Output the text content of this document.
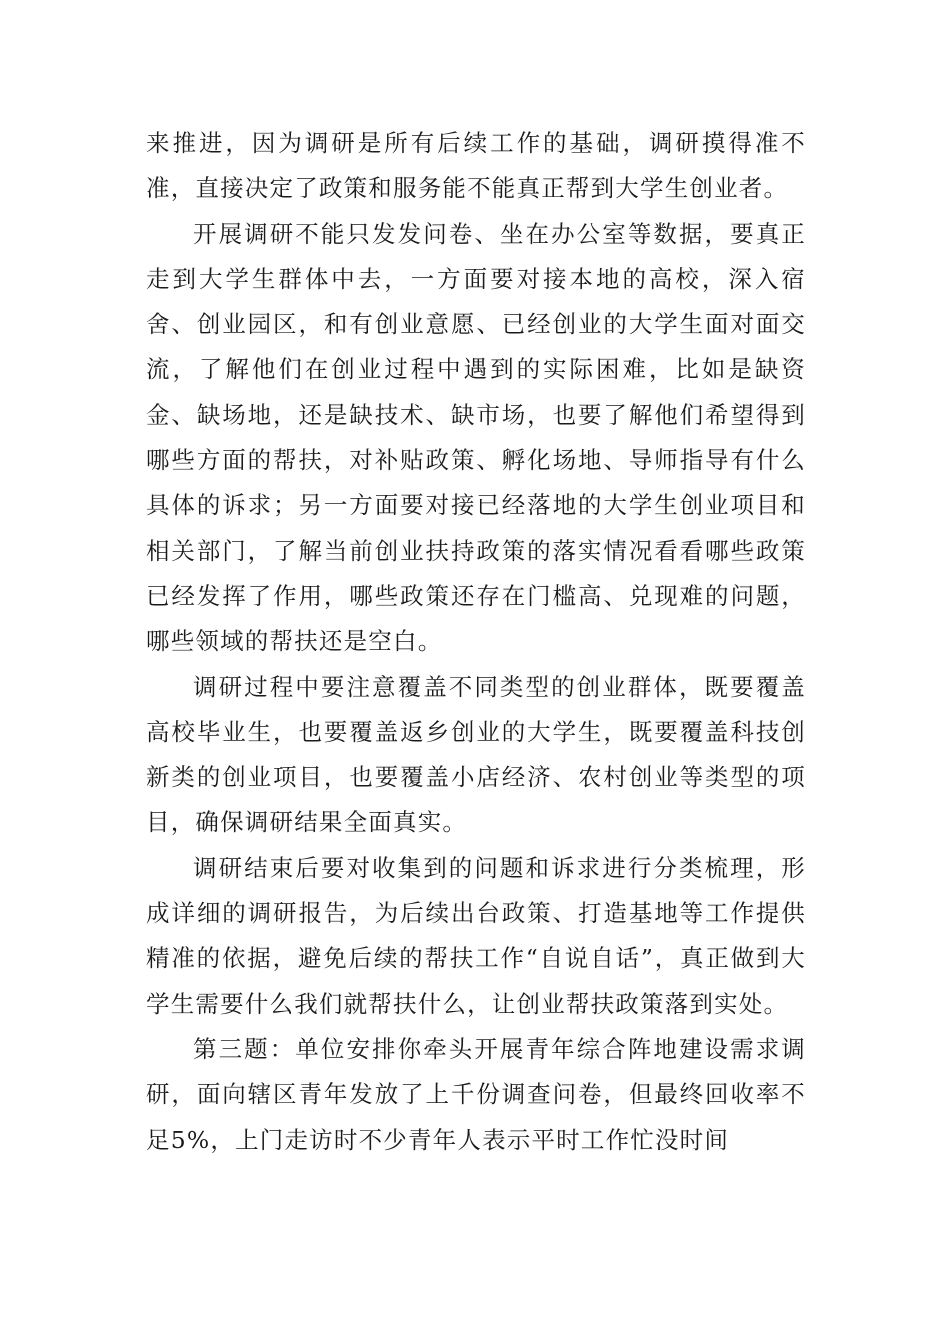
来推进，因为调研是所有后续工作的基础，调研摸得准不准，直接决定了政策和服务能不能真正帮到大学生创业者。

开展调研不能只发发问卷、坐在办公室等数据，要真正走到大学生群体中去，一方面要对接本地的高校，深入宿舍、创业园区，和有创业意愿、已经创业的大学生面对面交流，了解他们在创业过程中遇到的实际困难，比如是缺资金、缺场地，还是缺技术、缺市场，也要了解他们希望得到哪些方面的帮扶，对补贴政策、孵化场地、导师指导有什么具体的诉求；另一方面要对接已经落地的大学生创业项目和相关部门，了解当前创业扶持政策的落实情况看看哪些政策已经发挥了作用，哪些政策还存在门槛高、兑现难的问题，哪些领域的帮扶还是空白。

调研过程中要注意覆盖不同类型的创业群体，既要覆盖高校毕业生，也要覆盖返乡创业的大学生，既要覆盖科技创新类的创业项目，也要覆盖小店经济、农村创业等类型的项目，确保调研结果全面真实。

调研结束后要对收集到的问题和诉求进行分类梳理，形成详细的调研报告，为后续出台政策、打造基地等工作提供精准的依据，避免后续的帮扶工作“自说自话”，真正做到大学生需要什么我们就帮扶什么，让创业帮扶政策落到实处。

第三题：单位安排你牵头开展青年综合阵地建设需求调研，面向辖区青年发放了上千份调查问卷，但最终回收率不足5%，上门走访时不少青年人表示平时工作忙没时间
